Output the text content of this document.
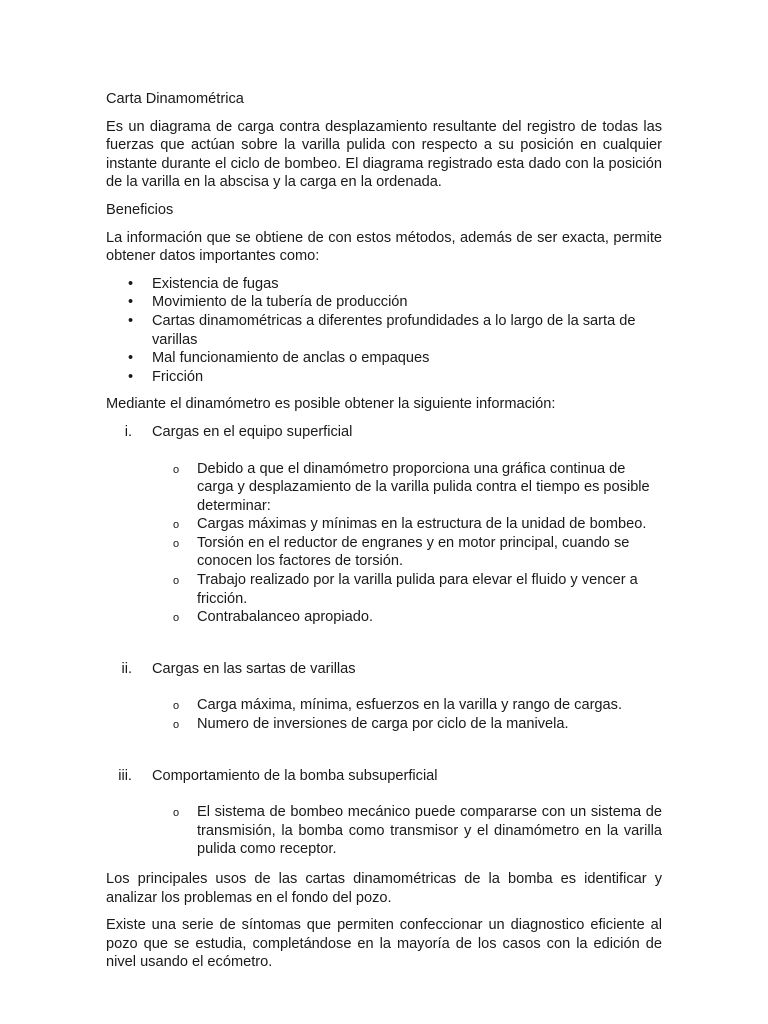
Carta Dinamométrica

Es un diagrama de carga contra desplazamiento resultante del registro de todas las fuerzas que actúan sobre la varilla pulida con respecto a su posición en cualquier instante durante el ciclo de bombeo. El diagrama registrado esta dado con la posición de la varilla en la abscisa y la carga en la ordenada.

Beneficios

La información que se obtiene de con estos métodos, además de ser exacta, permite obtener datos importantes como:

• Existencia de fugas
• Movimiento de la tubería de producción
• Cartas dinamométricas a diferentes profundidades a lo largo de la sarta de varillas
• Mal funcionamiento de anclas o empaques
• Fricción

Mediante el dinamómetro es posible obtener la siguiente información:

i. Cargas en el equipo superficial
o Debido a que el dinamómetro proporciona una gráfica continua de carga y desplazamiento de la varilla pulida contra el tiempo es posible determinar:
o Cargas máximas y mínimas en la estructura de la unidad de bombeo.
o Torsión en el reductor de engranes y en motor principal, cuando se conocen los factores de torsión.
o Trabajo realizado por la varilla pulida para elevar el fluido y vencer a fricción.
o Contrabalanceo apropiado.
ii. Cargas en las sartas de varillas
o Carga máxima, mínima, esfuerzos en la varilla y rango de cargas.
o Numero de inversiones de carga por ciclo de la manivela.
iii. Comportamiento de la bomba subsuperficial
o El sistema de bombeo mecánico puede compararse con un sistema de transmisión, la bomba como transmisor y el dinamómetro en la varilla pulida como receptor.

Los principales usos de las cartas dinamométricas de la bomba es identificar y analizar los problemas en el fondo del pozo.

Existe una serie de síntomas que permiten confeccionar un diagnostico eficiente al pozo que se estudia, completándose en la mayoría de los casos con la edición de nivel usando el ecómetro.
